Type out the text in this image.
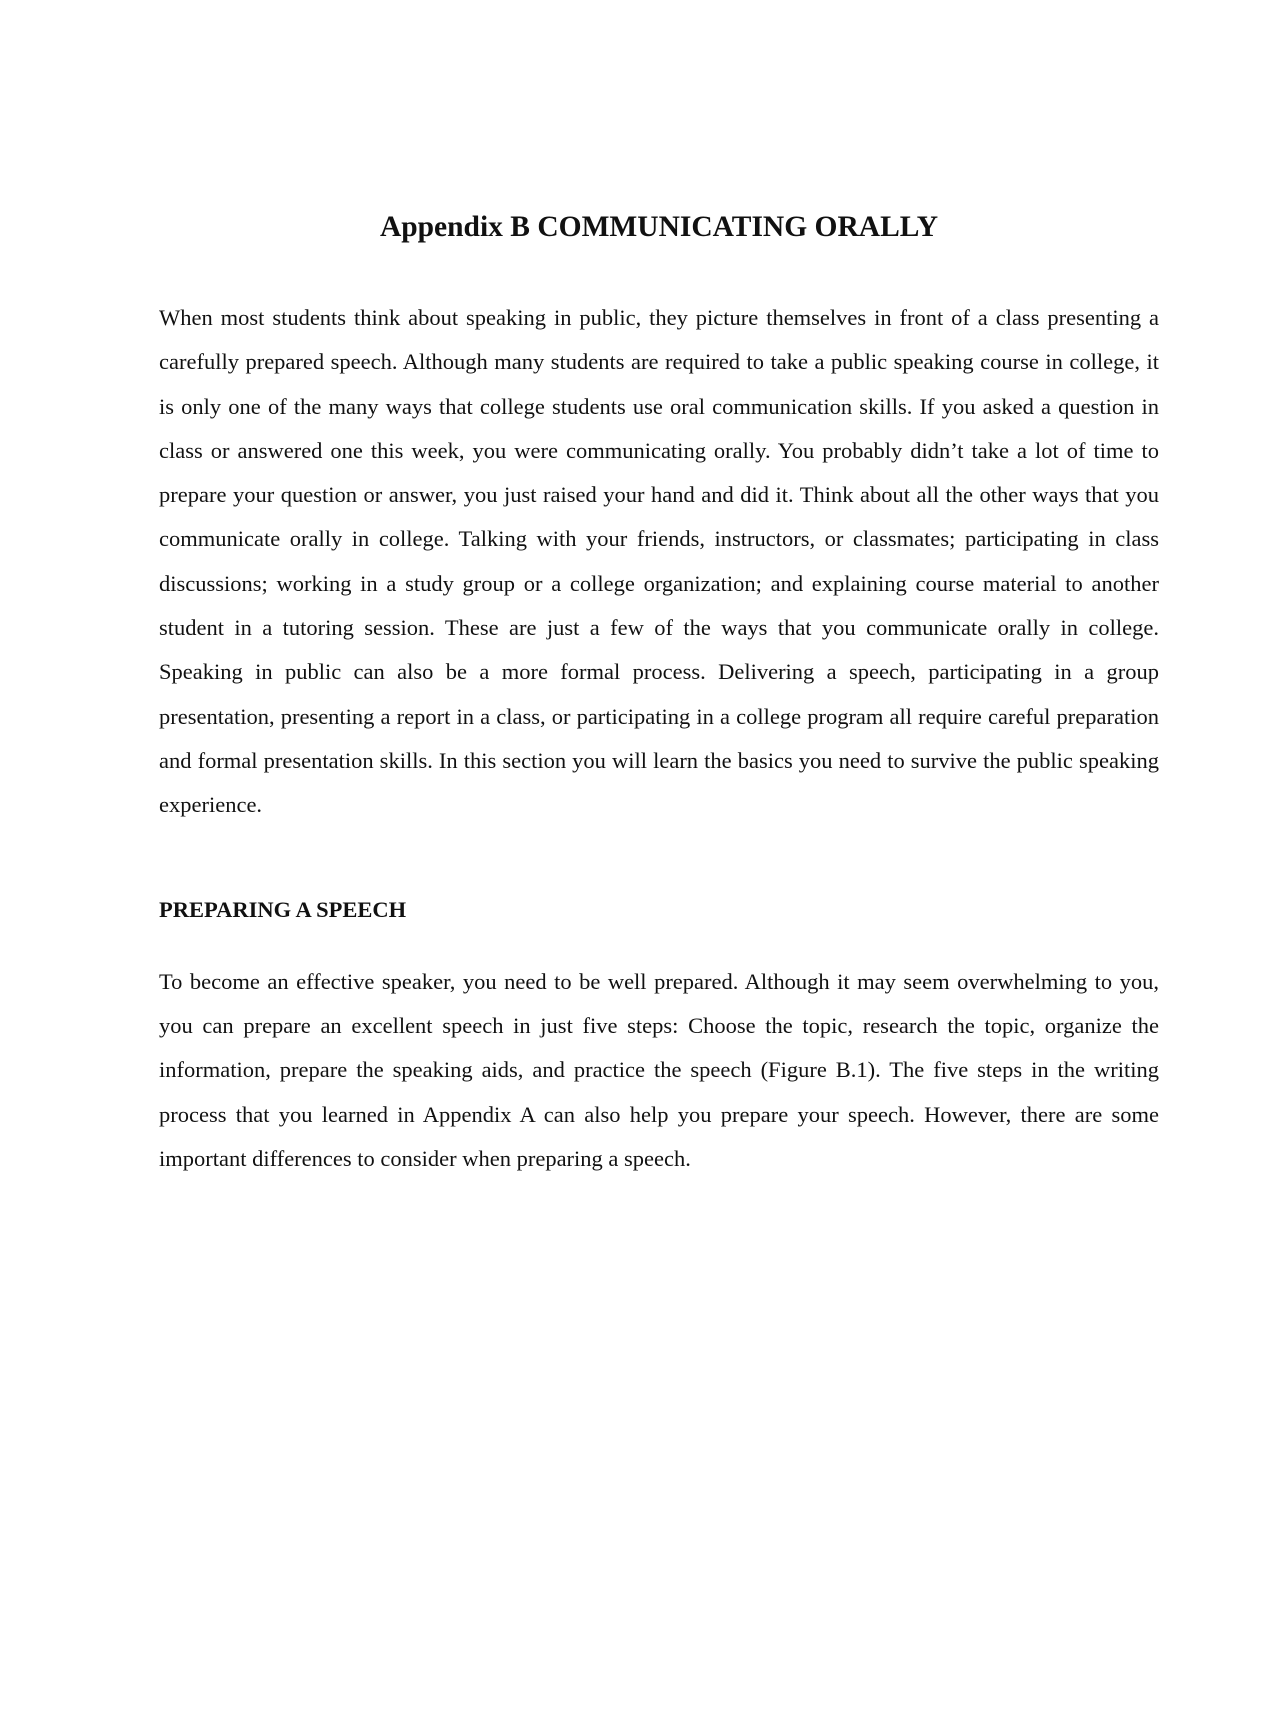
Appendix B COMMUNICATING ORALLY

When most students think about speaking in public, they picture themselves in front of a class presenting a carefully prepared speech. Although many students are required to take a public speaking course in college, it is only one of the many ways that college students use oral communication skills. If you asked a question in class or answered one this week, you were communicating orally. You probably didn’t take a lot of time to prepare your question or answer, you just raised your hand and did it. Think about all the other ways that you communicate orally in college. Talking with your friends, instructors, or classmates; participating in class discussions; working in a study group or a college organization; and explaining course material to another student in a tutoring session. These are just a few of the ways that you communicate orally in college. Speaking in public can also be a more formal process. Delivering a speech, participating in a group presentation, presenting a report in a class, or participating in a college program all require careful preparation and formal presentation skills. In this section you will learn the basics you need to survive the public speaking experience.

PREPARING A SPEECH

To become an effective speaker, you need to be well prepared. Although it may seem overwhelming to you, you can prepare an excellent speech in just five steps: Choose the topic, research the topic, organize the information, prepare the speaking aids, and practice the speech (Figure B.1). The five steps in the writing process that you learned in Appendix A can also help you prepare your speech. However, there are some important differences to consider when preparing a speech.
